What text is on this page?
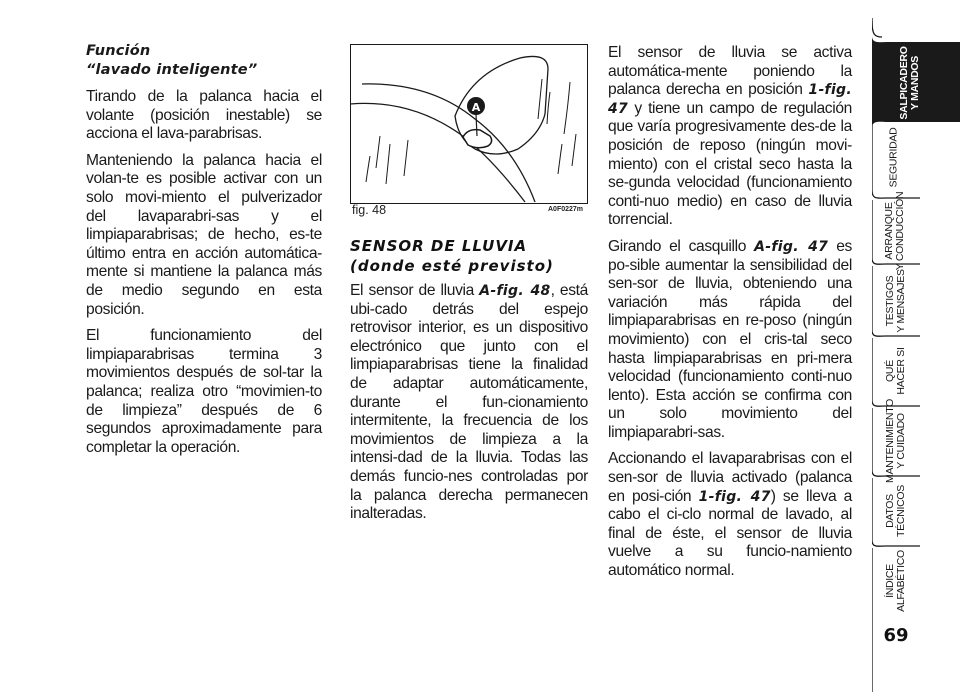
Función
“lavado inteligente”

Tirando de la palanca hacia el volante (posición inestable) se acciona el lava-parabrisas.

Manteniendo la palanca hacia el volan-te es posible activar con un solo movi-miento el pulverizador del lavaparabri-sas y el limpiaparabrisas; de hecho, es-te último entra en acción automática-mente si mantiene la palanca más de medio segundo en esta posición.

El funcionamiento del limpiaparabrisas termina 3 movimientos después de sol-tar la palanca; realiza otro “movimien-to de limpieza” después de 6 segundos aproximadamente para completar la operación.

A
fig. 48	A0F0227m
SENSOR DE LLUVIA
(donde esté previsto)

El sensor de lluvia A-fig. 48, está ubi-cado detrás del espejo retrovisor interior, es un dispositivo electrónico que junto con el limpiaparabrisas tiene la finalidad de adaptar automáticamente, durante el fun-cionamiento intermitente, la frecuencia de los movimientos de limpieza a la intensi-dad de la lluvia. Todas las demás funcio-nes controladas por la palanca derecha permanecen inalteradas.

El sensor de lluvia se activa automática-mente poniendo la palanca derecha en posición 1-fig. 47 y tiene un campo de regulación que varía progresivamente des-de la posición de reposo (ningún movi-miento) con el cristal seco hasta la se-gunda velocidad (funcionamiento conti-nuo medio) en caso de lluvia torrencial.

Girando el casquillo A-fig. 47 es po-sible aumentar la sensibilidad del sen-sor de lluvia, obteniendo una variación más rápida del limpiaparabrisas en re-poso (ningún movimiento) con el cris-tal seco hasta limpiaparabrisas en pri-mera velocidad (funcionamiento conti-nuo lento). Esta acción se confirma con un solo movimiento del limpiaparabri-sas.

Accionando el lavaparabrisas con el sen-sor de lluvia activado (palanca en posi-ción 1-fig. 47) se lleva a cabo el ci-clo normal de lavado, al final de éste, el sensor de lluvia vuelve a su funcio-namiento automático normal.

SALPICADERO
Y MANDOS
SEGURIDAD
ARRANQUE
Y CONDUCCIÓN
TESTIGOS
Y MENSAJES
QUÉ
HACER SI
MANTENIMIENTO
Y CUIDADO
DATOS
TÉCNICOS
ÍNDICE
ALFABÉTICO
69
